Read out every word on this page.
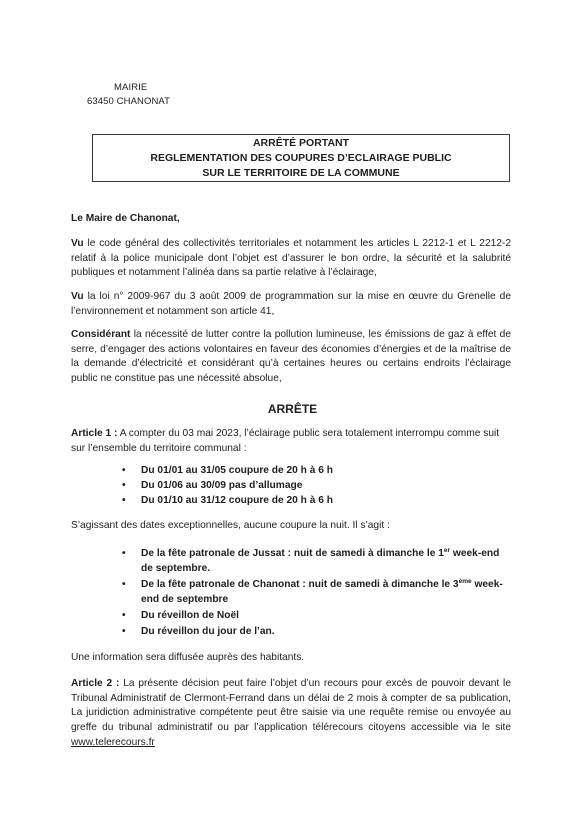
MAIRIE
63450 CHANONAT
ARRÊTÉ PORTANT
REGLEMENTATION DES COUPURES D’ECLAIRAGE PUBLIC
SUR LE TERRITOIRE DE LA COMMUNE
Le Maire de Chanonat,
Vu le code général des collectivités territoriales et notamment les articles L 2212-1 et L 2212-2 relatif à la police municipale dont l’objet est d’assurer le bon ordre, la sécurité et la salubrité publiques et notamment l’alinéa dans sa partie relative à l’éclairage,
Vu la loi n° 2009-967 du 3 août 2009 de programmation sur la mise en œuvre du Grenelle de l’environnement et notamment son article 41,
Considérant la nécessité de lutter contre la pollution lumineuse, les émissions de gaz à effet de serre, d’engager des actions volontaires en faveur des économies d’énergies et de la maîtrise de la demande d’électricité et considérant qu’à certaines heures ou certains endroits l’éclairage public ne constitue pas une nécessité absolue,
ARRÊTE
Article 1 : A compter du 03 mai 2023, l’éclairage public sera totalement interrompu comme suit sur l’ensemble du territoire communal :
• Du 01/01 au 31/05 coupure de 20 h à 6 h
• Du 01/06 au 30/09 pas d’allumage
• Du 01/10 au 31/12 coupure de 20 h à 6 h
S’agissant des dates exceptionnelles, aucune coupure la nuit. Il s’agit :
• De la fête patronale de Jussat : nuit de samedi à dimanche le 1er week-end de septembre.
• De la fête patronale de Chanonat : nuit de samedi à dimanche le 3ème week-end de septembre
• Du réveillon de Noël
• Du réveillon du jour de l’an.
Une information sera diffusée auprès des habitants.
Article 2 : La présente décision peut faire l’objet d’un recours pour excès de pouvoir devant le Tribunal Administratif de Clermont-Ferrand dans un délai de 2 mois à compter de sa publication, La juridiction administrative compétente peut être saisie via une requête remise ou envoyée au greffe du tribunal administratif ou par l’application télérecours citoyens accessible via le site www.telerecours.fr
